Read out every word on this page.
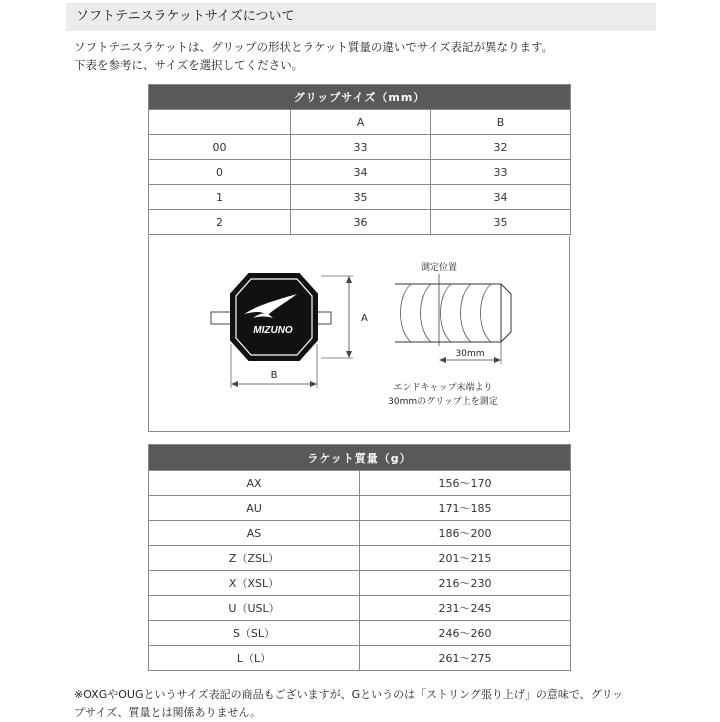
ソフトテニスラケットサイズについて
ソフトテニスラケットは、グリップの形状とラケット質量の違いでサイズ表記が異なります。
下表を参考に、サイズを選択してください。
グリップサイズ（mm）		
	A	B
00	33	32
0	34	33
1	35	34
2	36	35
MIZUNO
A
B
測定位置
30mm
エンドキャップ末端より
30mmのグリップ上を測定
ラケット質量（g）	
AX	156～170
AU	171～185
AS	186～200
Z（ZSL）	201～215
X（XSL）	216～230
U（USL）	231～245
S（SL）	246～260
L（L）	261～275

※OXGやOUGというサイズ表記の商品もございますが、Gというのは「ストリング張り上げ」の意味で、グリッ

プサイズ、質量とは関係ありません。
